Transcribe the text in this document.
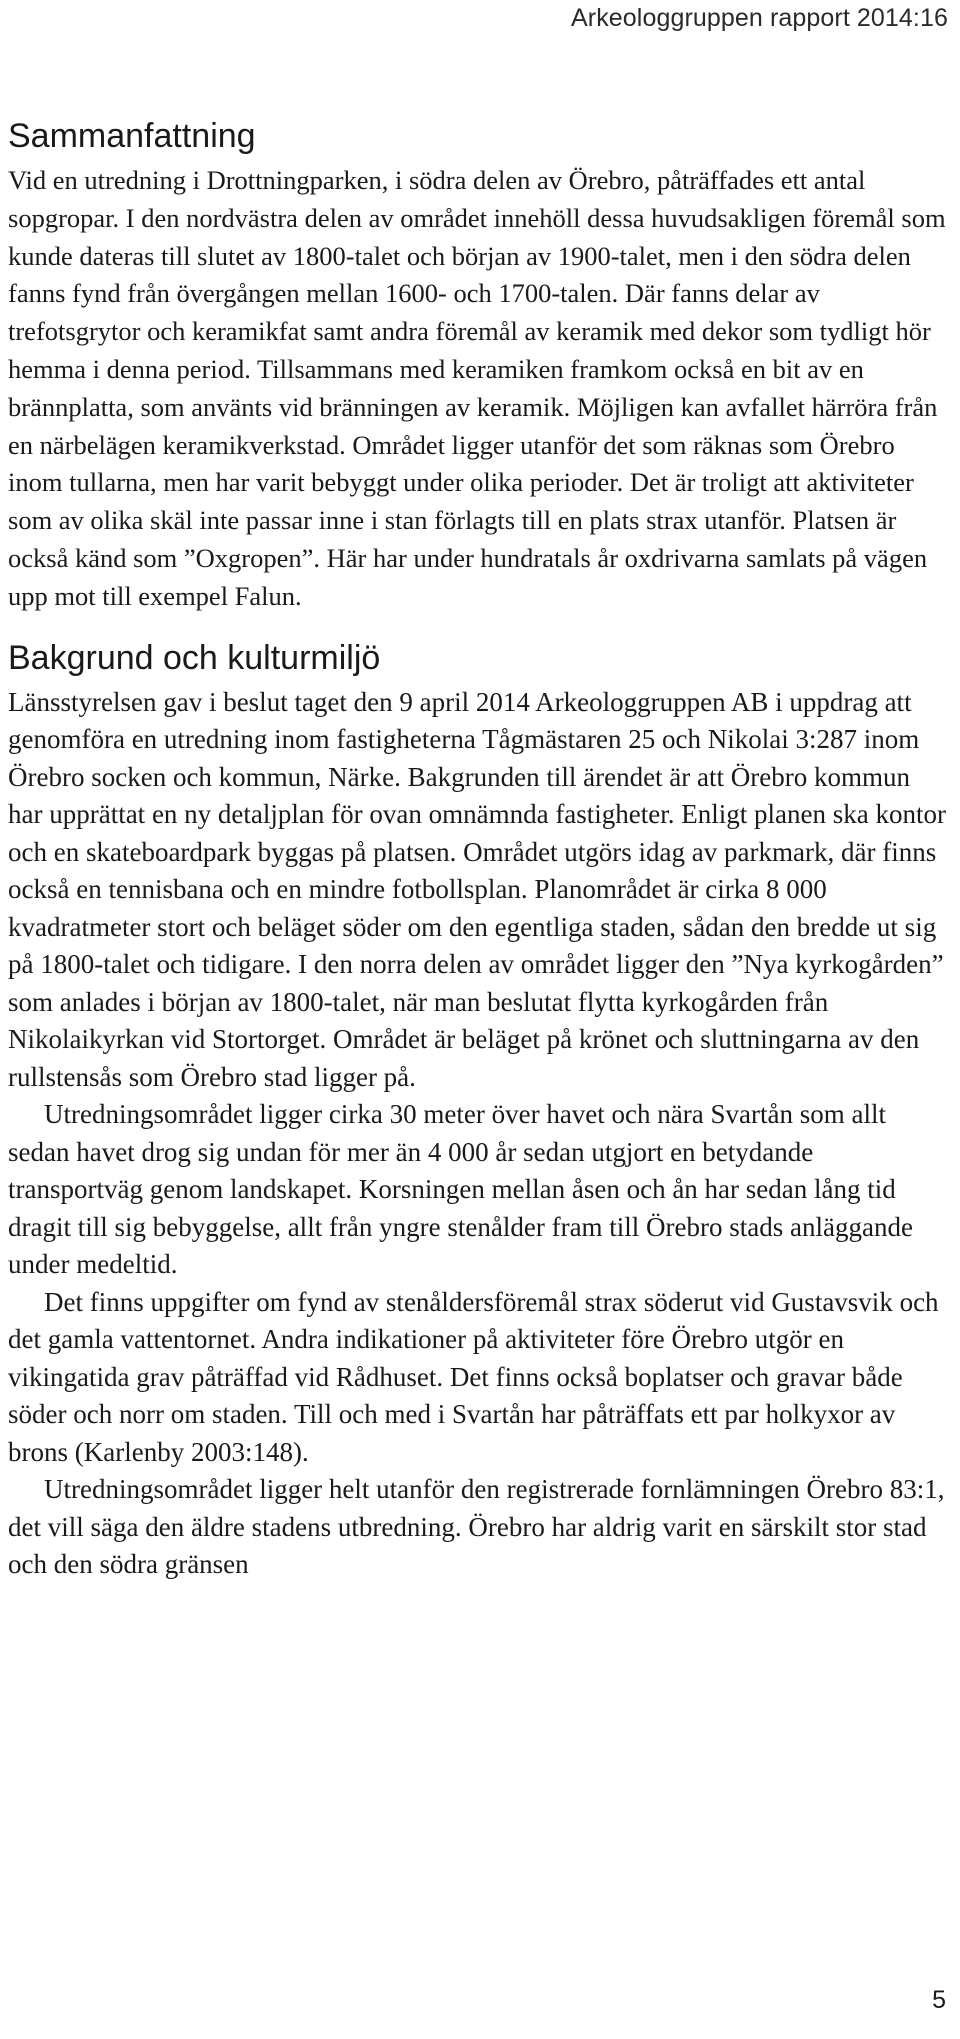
Arkeologgruppen rapport 2014:16
Sammanfattning

Vid en utredning i Drottningparken, i södra delen av Örebro, påträffades ett antal sopgropar. I den nordvästra delen av området innehöll dessa huvudsakligen föremål som kunde dateras till slutet av 1800-talet och början av 1900-talet, men i den södra delen fanns fynd från övergången mellan 1600- och 1700-talen. Där fanns delar av trefotsgrytor och keramikfat samt andra föremål av keramik med dekor som tydligt hör hemma i denna period. Tillsammans med keramiken framkom också en bit av en brännplatta, som använts vid bränningen av keramik. Möjligen kan avfallet härröra från en närbelägen keramikverkstad. Området ligger utanför det som räknas som Örebro inom tullarna, men har varit bebyggt under olika perioder. Det är troligt att aktiviteter som av olika skäl inte passar inne i stan förlagts till en plats strax utanför. Platsen är också känd som ”Oxgropen”. Här har under hundratals år oxdrivarna samlats på vägen upp mot till exempel Falun.

Bakgrund och kulturmiljö

Länsstyrelsen gav i beslut taget den 9 april 2014 Arkeologgruppen AB i uppdrag att genomföra en utredning inom fastigheterna Tågmästaren 25 och Nikolai 3:287 inom Örebro socken och kommun, Närke. Bakgrunden till ärendet är att Örebro kommun har upprättat en ny detaljplan för ovan omnämnda fastigheter. Enligt planen ska kontor och en skateboardpark byggas på platsen. Området utgörs idag av parkmark, där finns också en tennisbana och en mindre fotbollsplan. Planområdet är cirka 8 000 kvadratmeter stort och beläget söder om den egentliga staden, sådan den bredde ut sig på 1800-talet och tidigare. I den norra delen av området ligger den ”Nya kyrkogården” som anlades i början av 1800-talet, när man beslutat flytta kyrkogården från Nikolaikyrkan vid Stortorget. Området är beläget på krönet och sluttningarna av den rullstensås som Örebro stad ligger på.

Utredningsområdet ligger cirka 30 meter över havet och nära Svartån som allt sedan havet drog sig undan för mer än 4 000 år sedan utgjort en betydande transportväg genom landskapet. Korsningen mellan åsen och ån har sedan lång tid dragit till sig bebyggelse, allt från yngre stenålder fram till Örebro stads anläggande under medeltid.

Det finns uppgifter om fynd av stenåldersföremål strax söderut vid Gustavsvik och det gamla vattentornet. Andra indikationer på aktiviteter före Örebro utgör en vikingatida grav påträffad vid Rådhuset. Det finns också boplatser och gravar både söder och norr om staden. Till och med i Svartån har påträffats ett par holkyxor av brons (Karlenby 2003:148).

Utredningsområdet ligger helt utanför den registrerade fornlämningen Örebro 83:1, det vill säga den äldre stadens utbredning. Örebro har aldrig varit en särskilt stor stad och den södra gränsen

5
